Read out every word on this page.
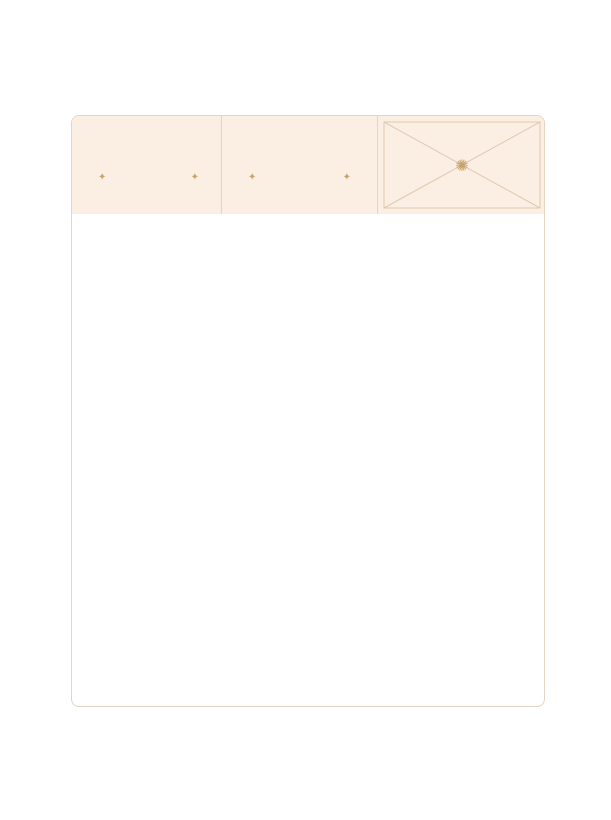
✦	✦	✦	✦
✺
